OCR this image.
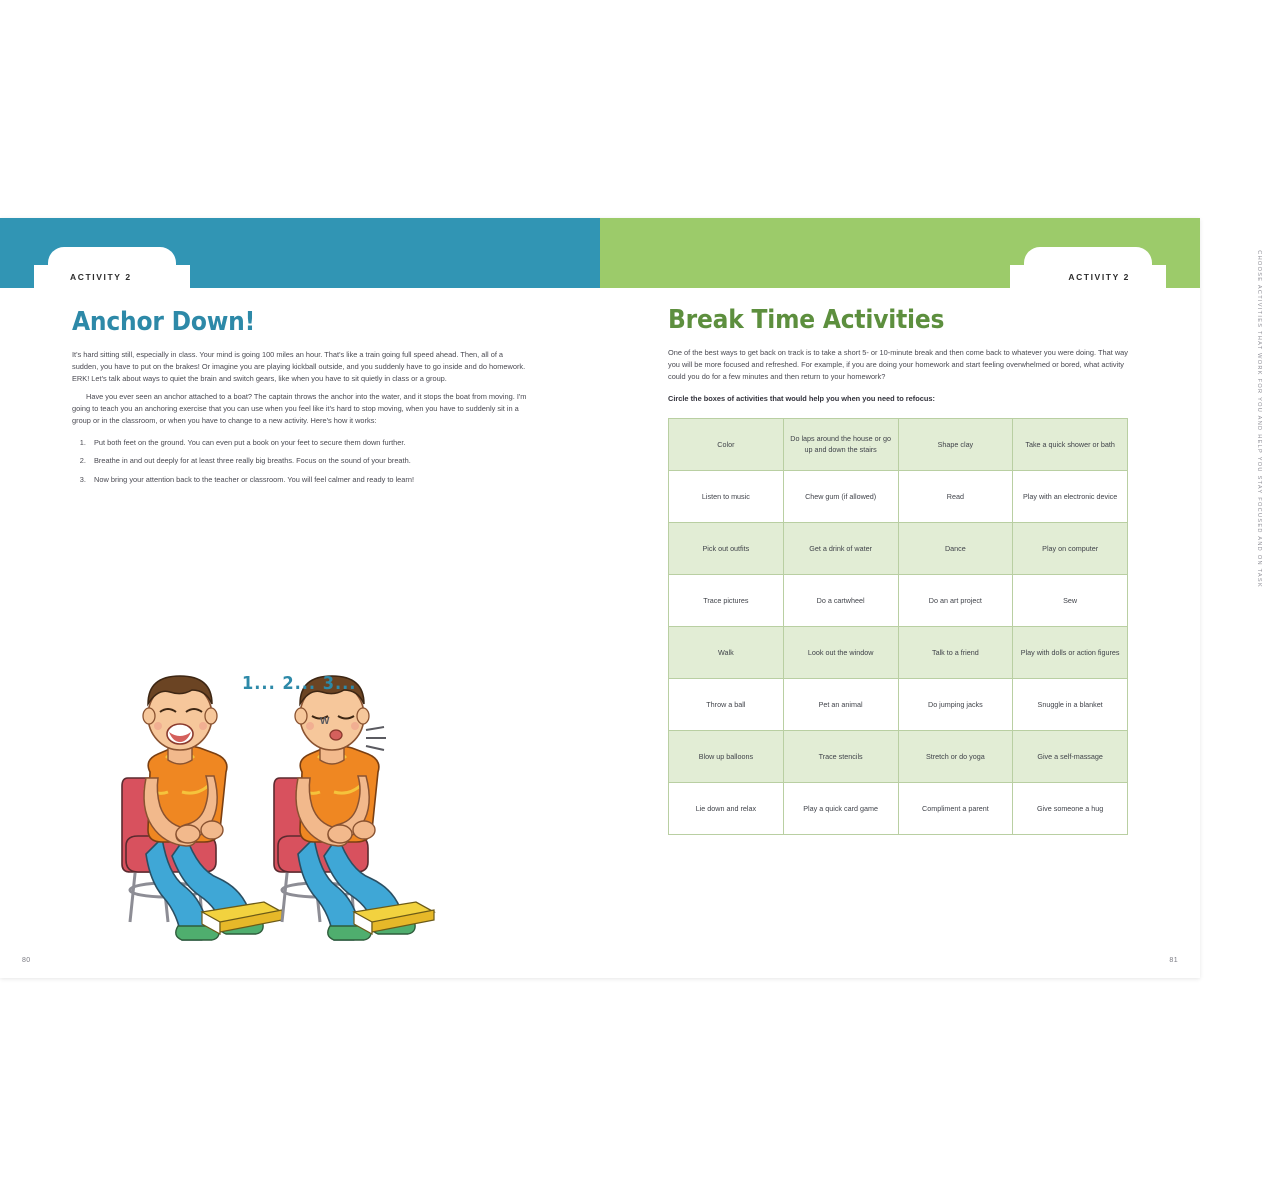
ACTIVITY 2
Anchor Down!

It's hard sitting still, especially in class. Your mind is going 100 miles an hour. That's like a train going full speed ahead. Then, all of a sudden, you have to put on the brakes! Or imagine you are playing kickball outside, and you suddenly have to go inside and do homework. ERK! Let's talk about ways to quiet the brain and switch gears, like when you have to sit quietly in class or a group.

Have you ever seen an anchor attached to a boat? The captain throws the anchor into the water, and it stops the boat from moving. I'm going to teach you an anchoring exercise that you can use when you feel like it's hard to stop moving, when you have to suddenly sit in a group or in the classroom, or when you have to change to a new activity. Here's how it works:

1. Put both feet on the ground. You can even put a book on your feet to secure them down further.
2. Breathe in and out deeply for at least three really big breaths. Focus on the sound of your breath.
3. Now bring your attention back to the teacher or classroom. You will feel calmer and ready to learn!
1... 2... 3...
W
80
ACTIVITY 2
Break Time Activities

One of the best ways to get back on track is to take a short 5- or 10-minute break and then come back to whatever you were doing. That way you will be more focused and refreshed. For example, if you are doing your homework and start feeling overwhelmed or bored, what activity could you do for a few minutes and then return to your homework?

Circle the boxes of activities that would help you when you need to refocus:
Color	Do laps around the house or go up and down the stairs	Shape clay	Take a quick shower or bath
Listen to music	Chew gum (if allowed)	Read	Play with an electronic device
Pick out outfits	Get a drink of water	Dance	Play on computer
Trace pictures	Do a cartwheel	Do an art project	Sew
Walk	Look out the window	Talk to a friend	Play with dolls or action figures
Throw a ball	Pet an animal	Do jumping jacks	Snuggle in a blanket
Blow up balloons	Trace stencils	Stretch or do yoga	Give a self-massage
Lie down and relax	Play a quick card game	Compliment a parent	Give someone a hug
CHOOSE ACTIVITIES THAT WORK FOR YOU AND HELP YOU STAY FOCUSED AND ON TASK
81
